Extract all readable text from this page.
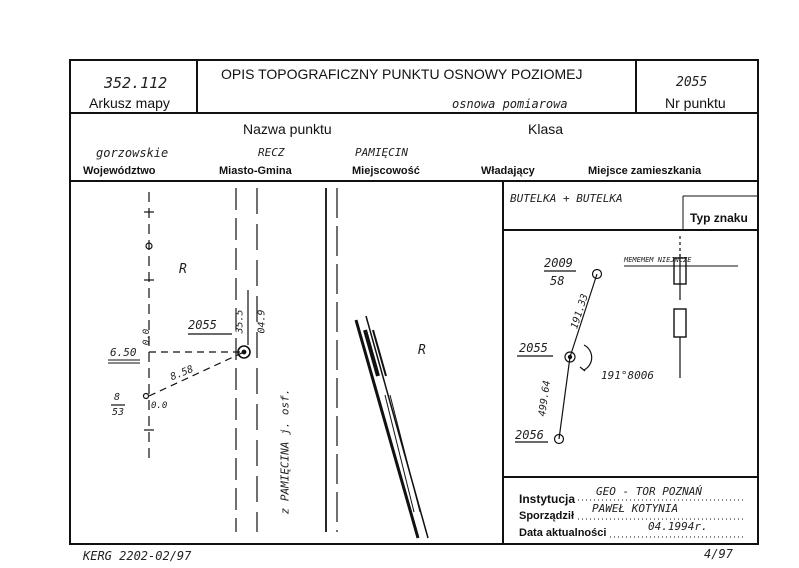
352.112
Arkusz mapy
OPIS TOPOGRAFICZNY PUNKTU OSNOWY POZIOMEJ
2055
Nr punktu
osnowa pomiarowa
Nazwa punktu	Klasa
gorzowskie	RECZ	PAMIĘCIN
Województwo	Miasto-Gmina	Miejscowość	Władający	Miejsce zamieszkania
BUTELKA + BUTELKA
Typ znaku
R
R
2055
6.50
8.58
8
53
0.0
0.0
35.5 04.9
z PAMIĘCINA j. osf.
2009
58
2055
2056
191.33
499.64
191°8006
MEMEMEM NIEJNCZE
Instytucja
GEO - TOR POZNAŃ
Sporządził
PAWEŁ KOTYNIA
Data aktualności	04.1994r.
KERG 2202-02/97	4/97
